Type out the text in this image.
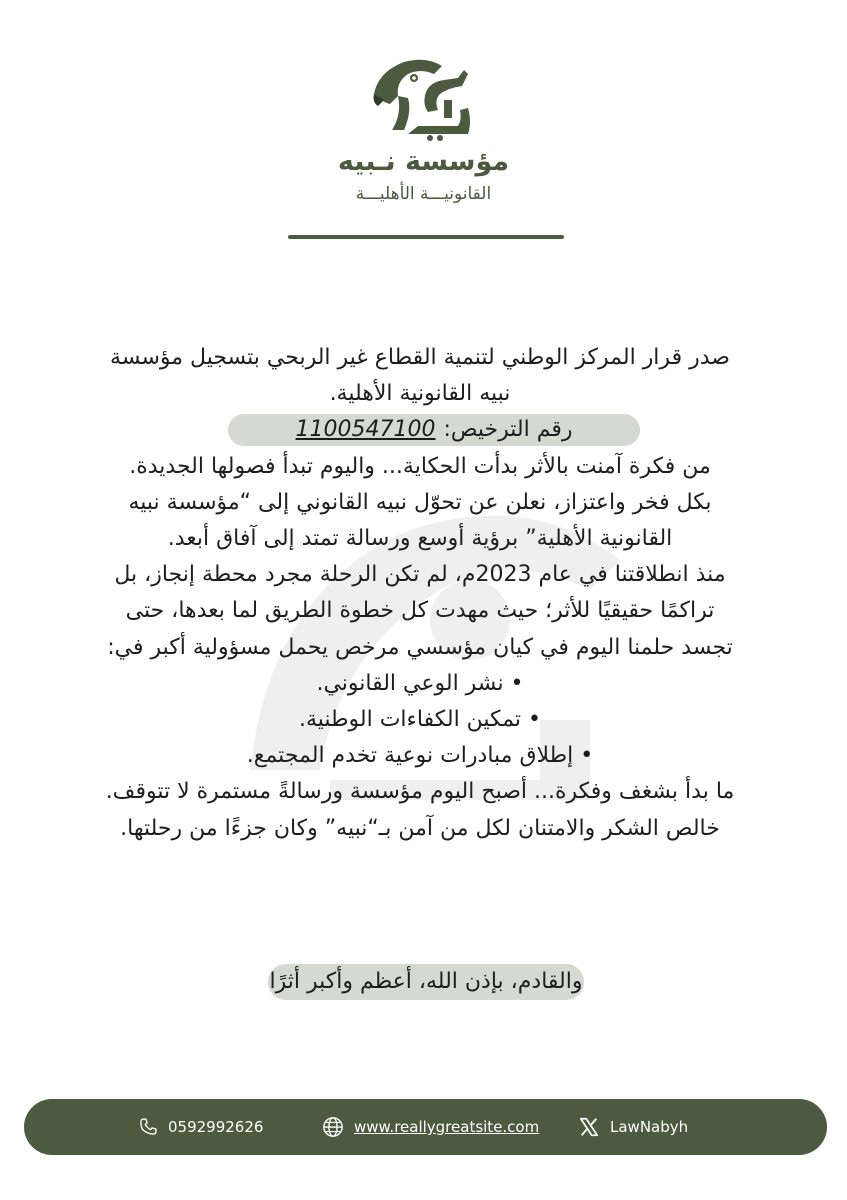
مؤسسة نـبيه
القانونيـــة الأهليـــة
صدر قرار المركز الوطني لتنمية القطاع غير الربحي بتسجيل مؤسسة
نبيه القانونية الأهلية.
رقم الترخيص:
1100547100
من فكرة آمنت بالأثر بدأت الحكاية... واليوم تبدأ فصولها الجديدة.
بكل فخر واعتزاز، نعلن عن تحوّل نبيه القانوني إلى “مؤسسة نبيه
القانونية الأهلية” برؤية أوسع ورسالة تمتد إلى آفاق أبعد.
منذ انطلاقتنا في عام 2023م، لم تكن الرحلة مجرد محطة إنجاز، بل
تراكمًا حقيقيًا للأثر؛ حيث مهدت كل خطوة الطريق لما بعدها، حتى
تجسد حلمنا اليوم في كيان مؤسسي مرخص يحمل مسؤولية أكبر في:
• نشر الوعي القانوني.
• تمكين الكفاءات الوطنية.
• إطلاق مبادرات نوعية تخدم المجتمع.
ما بدأ بشغف وفكرة... أصبح اليوم مؤسسة ورسالةً مستمرة لا تتوقف.
خالص الشكر والامتنان لكل من آمن بـ“نبيه” وكان جزءًا من رحلتها.
والقادم، بإذن الله، أعظم وأكبر أثرًا
0592992626	www.reallygreatsite.com	LawNabyh
